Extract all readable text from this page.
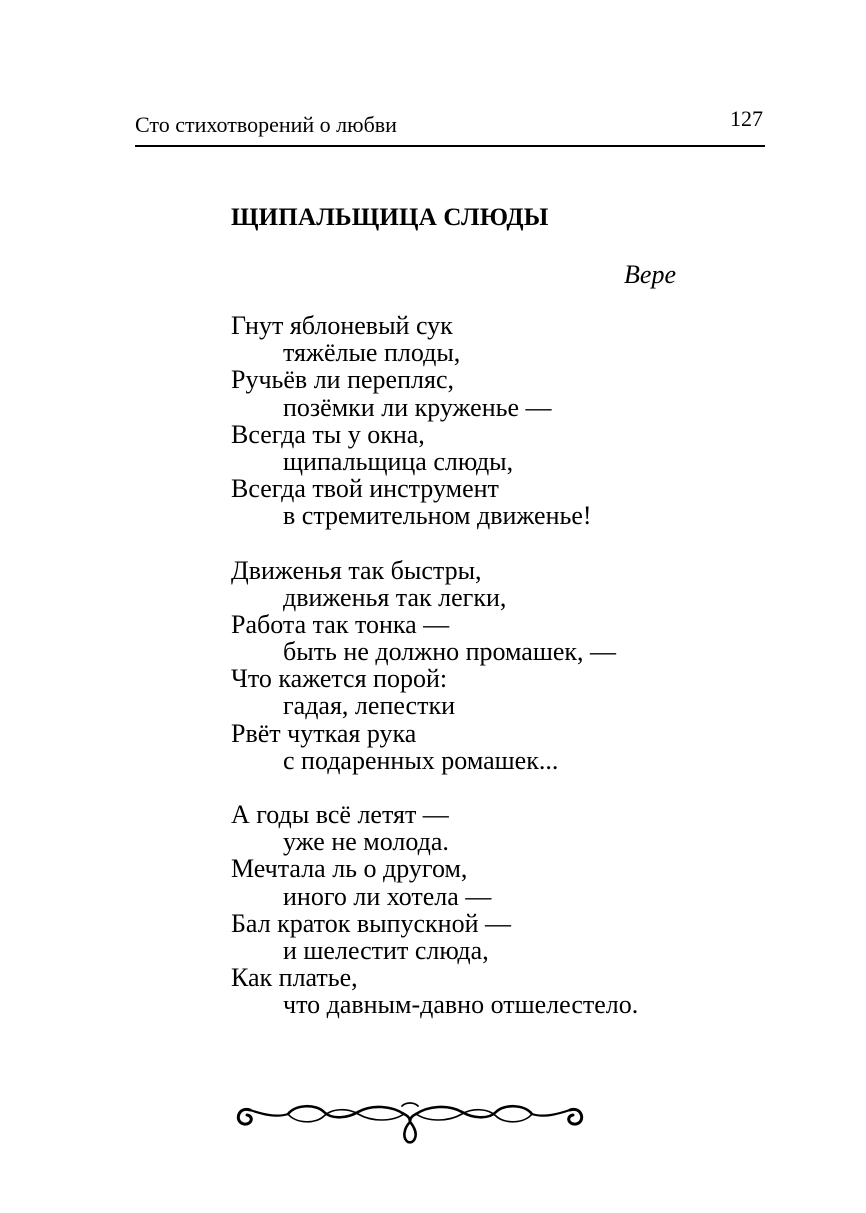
Сто стихотворений о любви	127
ЩИПАЛЬЩИЦА СЛЮДЫ
Вере
Гнут яблоневый сук
тяжёлые плоды,
Ручьёв ли перепляс,
позёмки ли круженье —
Всегда ты у окна,
щипальщица слюды,
Всегда твой инструмент
в стремительном движенье!
Движенья так быстры,
движенья так легки,
Работа так тонка —
быть не должно промашек, —
Что кажется порой:
гадая, лепестки
Рвёт чуткая рука
с подаренных ромашек...
А годы всё летят —
уже не молода.
Мечтала ль о другом,
иного ли хотела —
Бал краток выпускной —
и шелестит слюда,
Как платье,
что давным-давно отшелестело.
